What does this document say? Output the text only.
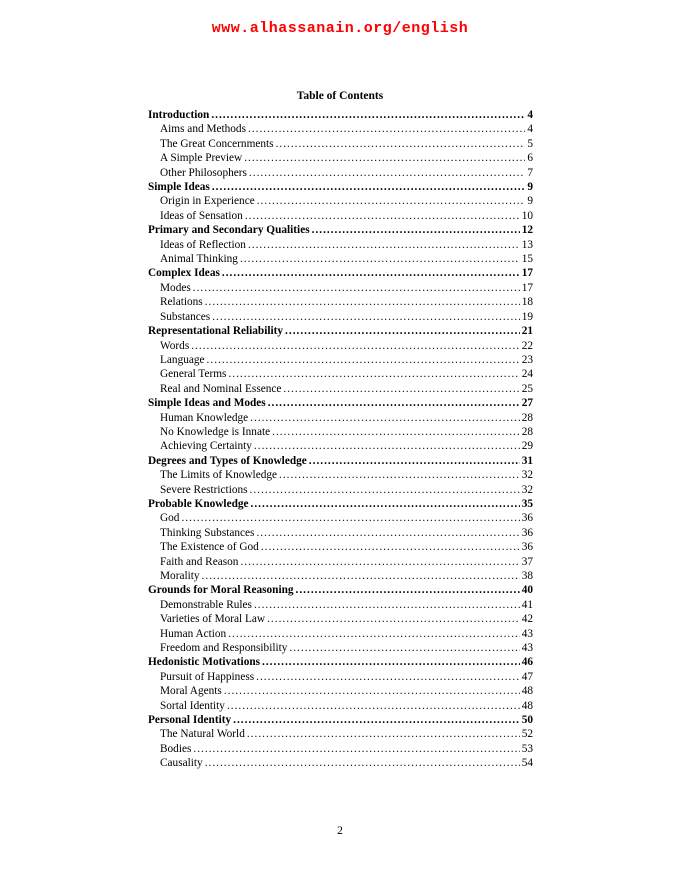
www.alhassanain.org/english
Table of Contents
Introduction .....	4
Aims and Methods .....	4
The Great Concernments .....	5
A Simple Preview .....	6
Other Philosophers .....	7
Simple Ideas .....	9
Origin in Experience .....	9
Ideas of Sensation .....	10
Primary and Secondary Qualities .....	12
Ideas of Reflection .....	13
Animal Thinking .....	15
Complex Ideas .....	17
Modes .....	17
Relations .....	18
Substances .....	19
Representational Reliability .....	21
Words .....	22
Language .....	23
General Terms .....	24
Real and Nominal Essence .....	25
Simple Ideas and Modes .....	27
Human Knowledge .....	28
No Knowledge is Innate .....	28
Achieving Certainty .....	29
Degrees and Types of Knowledge .....	31
The Limits of Knowledge .....	32
Severe Restrictions .....	32
Probable Knowledge .....	35
God .....	36
Thinking Substances .....	36
The Existence of God .....	36
Faith and Reason .....	37
Morality .....	38
Grounds for Moral Reasoning .....	40
Demonstrable Rules .....	41
Varieties of Moral Law .....	42
Human Action .....	43
Freedom and Responsibility .....	43
Hedonistic Motivations .....	46
Pursuit of Happiness .....	47
Moral Agents .....	48
Sortal Identity .....	48
Personal Identity .....	50
The Natural World .....	52
Bodies .....	53
Causality .....	54
2
